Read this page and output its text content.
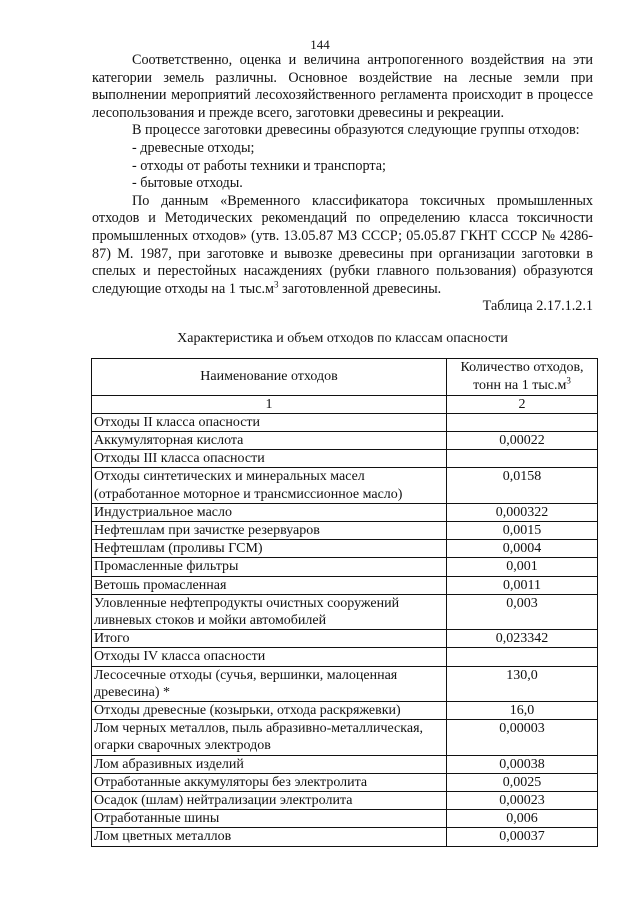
144

Соответственно, оценка и величина антропогенного воздействия на эти категории земель различны. Основное воздействие на лесные земли при выполнении мероприятий лесохозяйственного регламента происходит в процессе лесопользования и прежде всего, заготовки древесины и рекреации.

В процессе заготовки древесины образуются следующие группы отходов:

- древесные отходы;

- отходы от работы техники и транспорта;

- бытовые отходы.

По данным «Временного классификатора токсичных промышленных отходов и Методических рекомендаций по определению класса токсичности промышленных отходов» (утв. 13.05.87 МЗ СССР; 05.05.87 ГКНТ СССР № 4286-87) М. 1987, при заготовке и вывозке древесины при организации заготовки в спелых и перестойных насаждениях (рубки главного пользования) образуются следующие отходы на 1 $тыс.м^3$ заготовленной древесины.

Таблица 2.17.1.2.1

Характеристика и объем отходов по классам опасности

Наименование отходов	Количество отходов, тонн на 1 $тыс.м^3$
1	2
Отходы II класса опасности	
Аккумуляторная кислота	0,00022
Отходы III класса опасности	
Отходы синтетических и минеральных масел (отработанное моторное и трансмиссионное масло)	0,0158
Индустриальное масло	0,000322
Нефтешлам при зачистке резервуаров	0,0015
Нефтешлам (проливы ГСМ)	0,0004
Промасленные фильтры	0,001
Ветошь промасленная	0,0011
Уловленные нефтепродукты очистных сооружений ливневых стоков и мойки автомобилей	0,003
Итого	0,023342
Отходы IV класса опасности	
Лесосечные отходы (сучья, вершинки, малоценная древесина) *	130,0
Отходы древесные (козырьки, отхода раскряжевки)	16,0
Лом черных металлов, пыль абразивно-металлическая, огарки сварочных электродов	0,00003
Лом абразивных изделий	0,00038
Отработанные аккумуляторы без электролита	0,0025
Осадок (шлам) нейтрализации электролита	0,00023
Отработанные шины	0,006
Лом цветных металлов	0,00037
